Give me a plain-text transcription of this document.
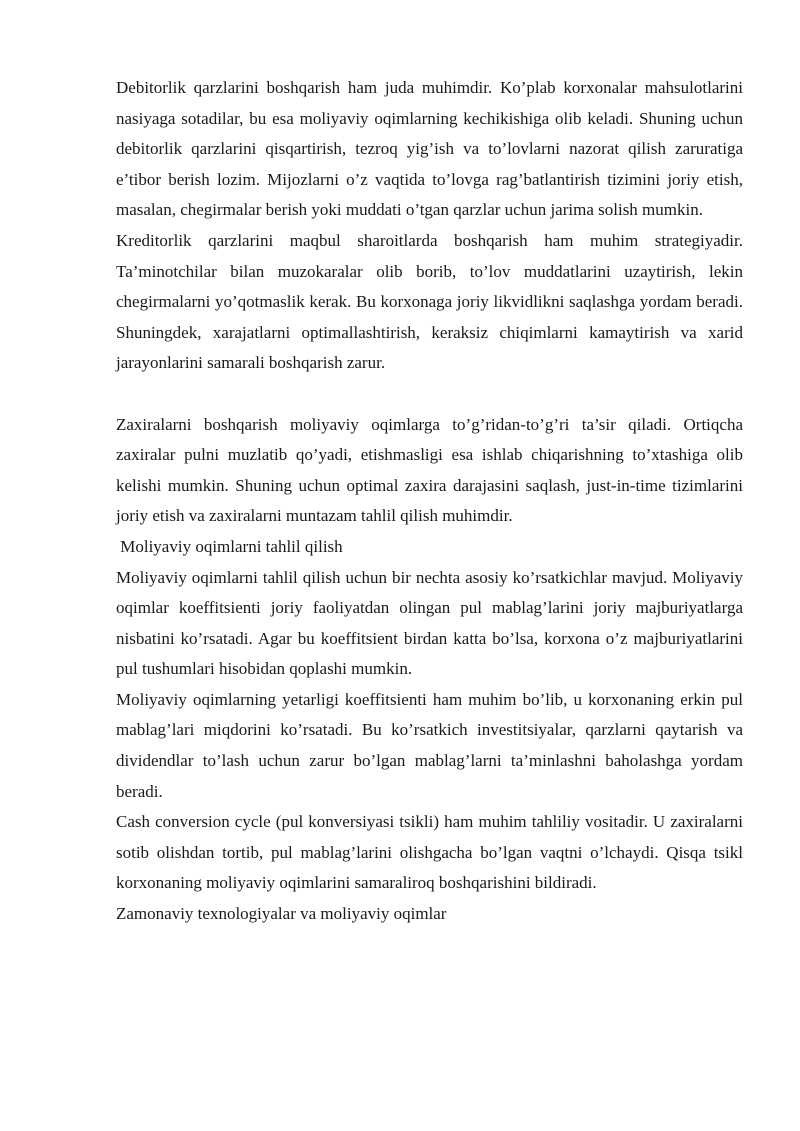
Debitorlik qarzlarini boshqarish ham juda muhimdir. Ko’plab korxonalar mahsulotlarini nasiyaga sotadilar, bu esa moliyaviy oqimlarning kechikishiga olib keladi. Shuning uchun debitorlik qarzlarini qisqartirish, tezroq yig’ish va to’lovlarni nazorat qilish zaruratiga e’tibor berish lozim. Mijozlarni o’z vaqtida to’lovga rag’batlantirish tizimini joriy etish, masalan, chegirmalar berish yoki muddati o’tgan qarzlar uchun jarima solish mumkin.

Kreditorlik qarzlarini maqbul sharoitlarda boshqarish ham muhim strategiyadir. Ta’minotchilar bilan muzokaralar olib borib, to’lov muddatlarini uzaytirish, lekin chegirmalarni yo’qotmaslik kerak. Bu korxonaga joriy likvidlikni saqlashga yordam beradi. Shuningdek, xarajatlarni optimallashtirish, keraksiz chiqimlarni kamaytirish va xarid jarayonlarini samarali boshqarish zarur.

Zaxiralarni boshqarish moliyaviy oqimlarga to’g’ridan-to’g’ri ta’sir qiladi. Ortiqcha zaxiralar pulni muzlatib qo’yadi, etishmasligi esa ishlab chiqarishning to’xtashiga olib kelishi mumkin. Shuning uchun optimal zaxira darajasini saqlash, just-in-time tizimlarini joriy etish va zaxiralarni muntazam tahlil qilish muhimdir.

Moliyaviy oqimlarni tahlil qilish

Moliyaviy oqimlarni tahlil qilish uchun bir nechta asosiy ko’rsatkichlar mavjud. Moliyaviy oqimlar koeffitsienti joriy faoliyatdan olingan pul mablag’larini joriy majburiyatlarga nisbatini ko’rsatadi. Agar bu koeffitsient birdan katta bo’lsa, korxona o’z majburiyatlarini pul tushumlari hisobidan qoplashi mumkin.

Moliyaviy oqimlarning yetarligi koeffitsienti ham muhim bo’lib, u korxonaning erkin pul mablag’lari miqdorini ko’rsatadi. Bu ko’rsatkich investitsiyalar, qarzlarni qaytarish va dividendlar to’lash uchun zarur bo’lgan mablag’larni ta’minlashni baholashga yordam beradi.

Cash conversion cycle (pul konversiyasi tsikli) ham muhim tahliliy vositadir. U zaxiralarni sotib olishdan tortib, pul mablag’larini olishgacha bo’lgan vaqtni o’lchaydi. Qisqa tsikl korxonaning moliyaviy oqimlarini samaraliroq boshqarishini bildiradi.

Zamonaviy texnologiyalar va moliyaviy oqimlar
